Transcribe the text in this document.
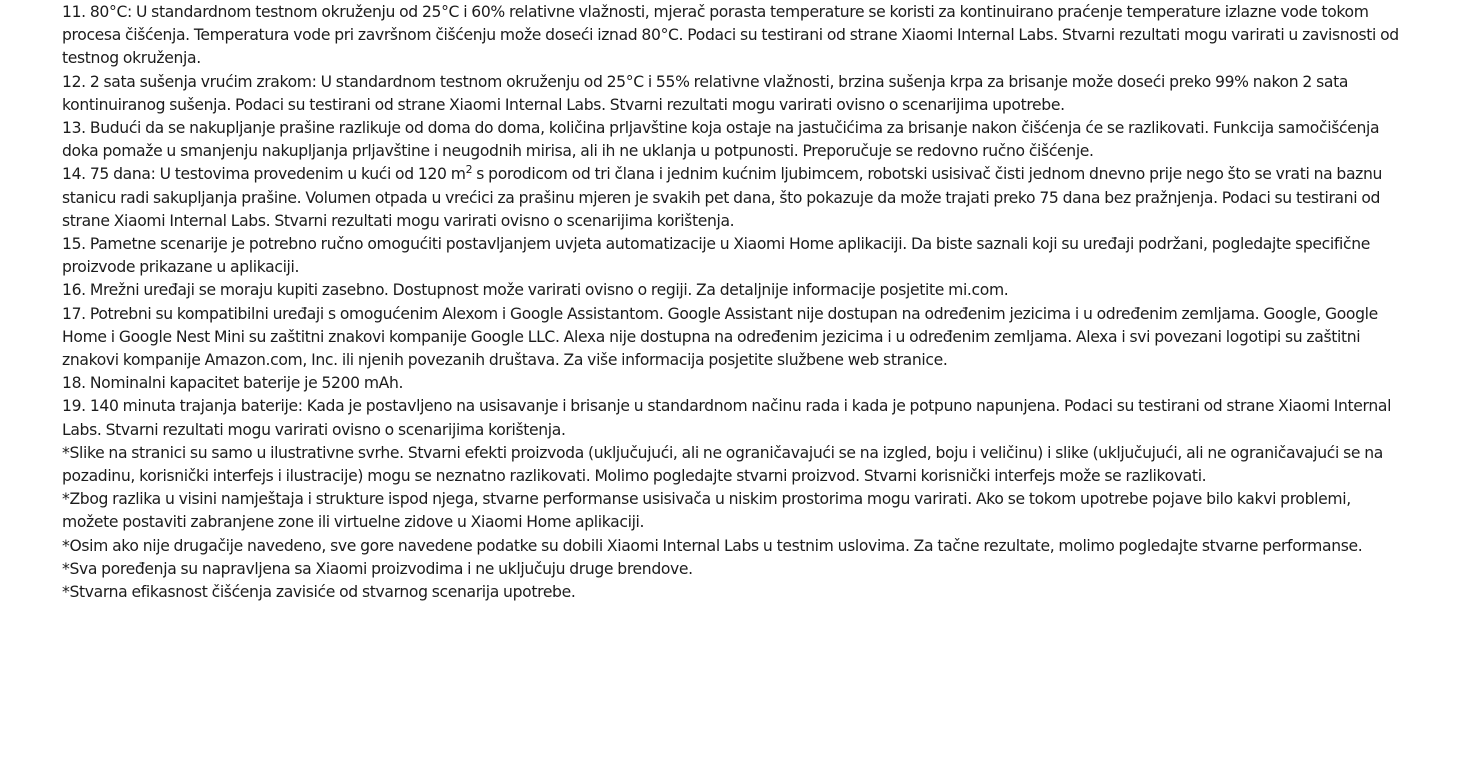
11. 80°C: U standardnom testnom okruženju od 25°C i 60% relativne vlažnosti, mjerač porasta temperature se koristi za kontinuirano praćenje temperature izlazne vode tokom procesa čišćenja. Temperatura vode pri završnom čišćenju može doseći iznad 80°C. Podaci su testirani od strane Xiaomi Internal Labs. Stvarni rezultati mogu varirati u zavisnosti od testnog okruženja.

12. 2 sata sušenja vrućim zrakom: U standardnom testnom okruženju od 25°C i 55% relativne vlažnosti, brzina sušenja krpa za brisanje može doseći preko 99% nakon 2 sata kontinuiranog sušenja. Podaci su testirani od strane Xiaomi Internal Labs. Stvarni rezultati mogu varirati ovisno o scenarijima upotrebe.

13. Budući da se nakupljanje prašine razlikuje od doma do doma, količina prljavštine koja ostaje na jastučićima za brisanje nakon čišćenja će se razlikovati. Funkcija samočišćenja doka pomaže u smanjenju nakupljanja prljavštine i neugodnih mirisa, ali ih ne uklanja u potpunosti. Preporučuje se redovno ručno čišćenje.

14. 75 dana: U testovima provedenim u kući od 120 $m^2$ s porodicom od tri člana i jednim kućnim ljubimcem, robotski usisivač čisti jednom dnevno prije nego što se vrati na baznu stanicu radi sakupljanja prašine. Volumen otpada u vrećici za prašinu mjeren je svakih pet dana, što pokazuje da može trajati preko 75 dana bez pražnjenja. Podaci su testirani od strane Xiaomi Internal Labs. Stvarni rezultati mogu varirati ovisno o scenarijima korištenja.

15. Pametne scenarije je potrebno ručno omogućiti postavljanjem uvjeta automatizacije u Xiaomi Home aplikaciji. Da biste saznali koji su uređaji podržani, pogledajte specifične proizvode prikazane u aplikaciji.

16. Mrežni uređaji se moraju kupiti zasebno. Dostupnost može varirati ovisno o regiji. Za detaljnije informacije posjetite mi.com.

17. Potrebni su kompatibilni uređaji s omogućenim Alexom i Google Assistantom. Google Assistant nije dostupan na određenim jezicima i u određenim zemljama. Google, Google Home i Google Nest Mini su zaštitni znakovi kompanije Google LLC. Alexa nije dostupna na određenim jezicima i u određenim zemljama. Alexa i svi povezani logotipi su zaštitni znakovi kompanije Amazon.com, Inc. ili njenih povezanih društava. Za više informacija posjetite službene web stranice.

18. Nominalni kapacitet baterije je 5200 mAh.

19. 140 minuta trajanja baterije: Kada je postavljeno na usisavanje i brisanje u standardnom načinu rada i kada je potpuno napunjena. Podaci su testirani od strane Xiaomi Internal Labs. Stvarni rezultati mogu varirati ovisno o scenarijima korištenja.

*Slike na stranici su samo u ilustrativne svrhe. Stvarni efekti proizvoda (uključujući, ali ne ograničavajući se na izgled, boju i veličinu) i slike (uključujući, ali ne ograničavajući se na pozadinu, korisnički interfejs i ilustracije) mogu se neznatno razlikovati. Molimo pogledajte stvarni proizvod. Stvarni korisnički interfejs može se razlikovati.

*Zbog razlika u visini namještaja i strukture ispod njega, stvarne performanse usisivača u niskim prostorima mogu varirati. Ako se tokom upotrebe pojave bilo kakvi problemi, možete postaviti zabranjene zone ili virtuelne zidove u Xiaomi Home aplikaciji.

*Osim ako nije drugačije navedeno, sve gore navedene podatke su dobili Xiaomi Internal Labs u testnim uslovima. Za tačne rezultate, molimo pogledajte stvarne performanse.

*Sva poređenja su napravljena sa Xiaomi proizvodima i ne uključuju druge brendove.

*Stvarna efikasnost čišćenja zavisiće od stvarnog scenarija upotrebe.
